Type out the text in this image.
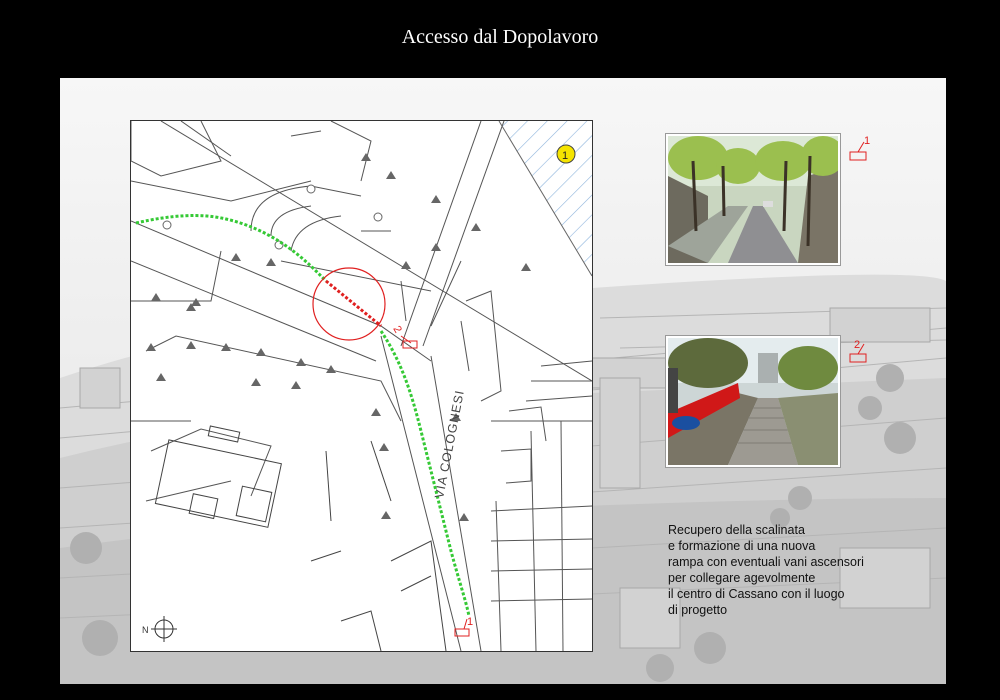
Accesso dal Dopolavoro
2
1
VIA COLOGNESI
1
N
1
2
Recupero della scalinata
e formazione di una nuova
rampa con eventuali vani ascensori
per collegare agevolmente
il centro di Cassano con il luogo
di progetto
